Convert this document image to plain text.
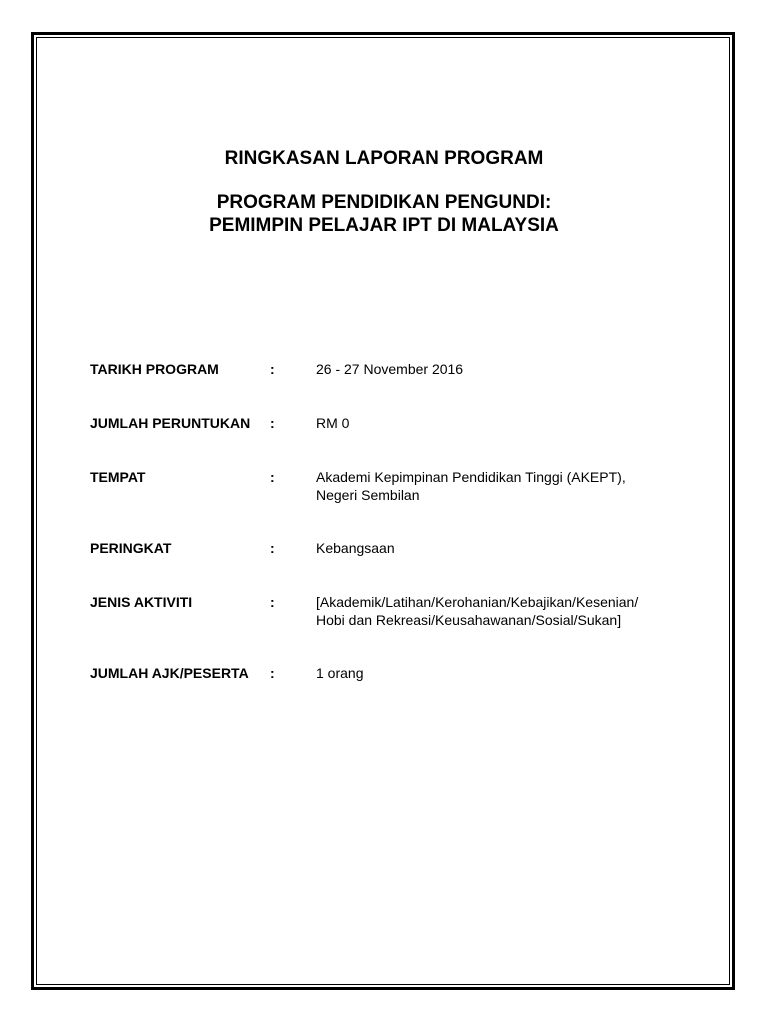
RINGKASAN LAPORAN PROGRAM
PROGRAM PENDIDIKAN PENGUNDI:
PEMIMPIN PELAJAR IPT DI MALAYSIA
TARIKH PROGRAM	:	26 - 27 November 2016
JUMLAH PERUNTUKAN :	RM 0
TEMPAT	:	Akademi Kepimpinan Pendidikan Tinggi (AKEPT),
Negeri Sembilan
PERINGKAT	:	Kebangsaan
JENIS AKTIVITI	:	[Akademik/Latihan/Kerohanian/Kebajikan/Kesenian/
Hobi dan Rekreasi/Keusahawanan/Sosial/Sukan]
JUMLAH AJK/PESERTA :	1 orang
